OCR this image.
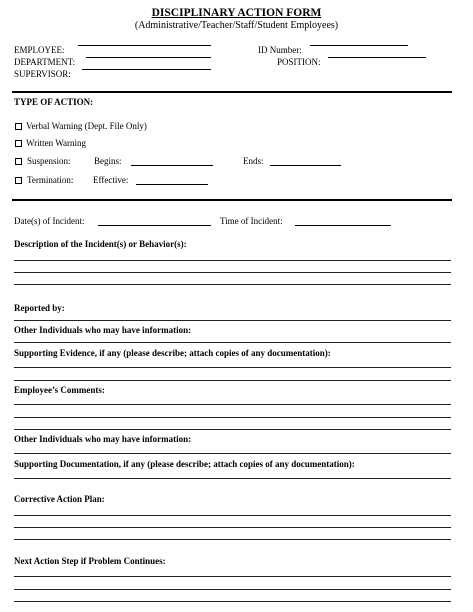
DISCIPLINARY ACTION FORM
(Administrative/Teacher/Staff/Student Employees)
EMPLOYEE:	ID Number:
DEPARTMENT:	POSITION:
SUPERVISOR:
TYPE OF ACTION:
Verbal Warning (Dept. File Only)
Written Warning
Suspension:	Begins:	Ends:
Termination: Effective:
Date(s) of Incident:	Time of Incident:
Description of the Incident(s) or Behavior(s):
Reported by:
Other Individuals who may have information:
Supporting Evidence, if any (please describe; attach copies of any documentation):
Employee’s Comments:
Other Individuals who may have information:
Supporting Documentation, if any (please describe; attach copies of any documentation):
Corrective Action Plan:
Next Action Step if Problem Continues:
